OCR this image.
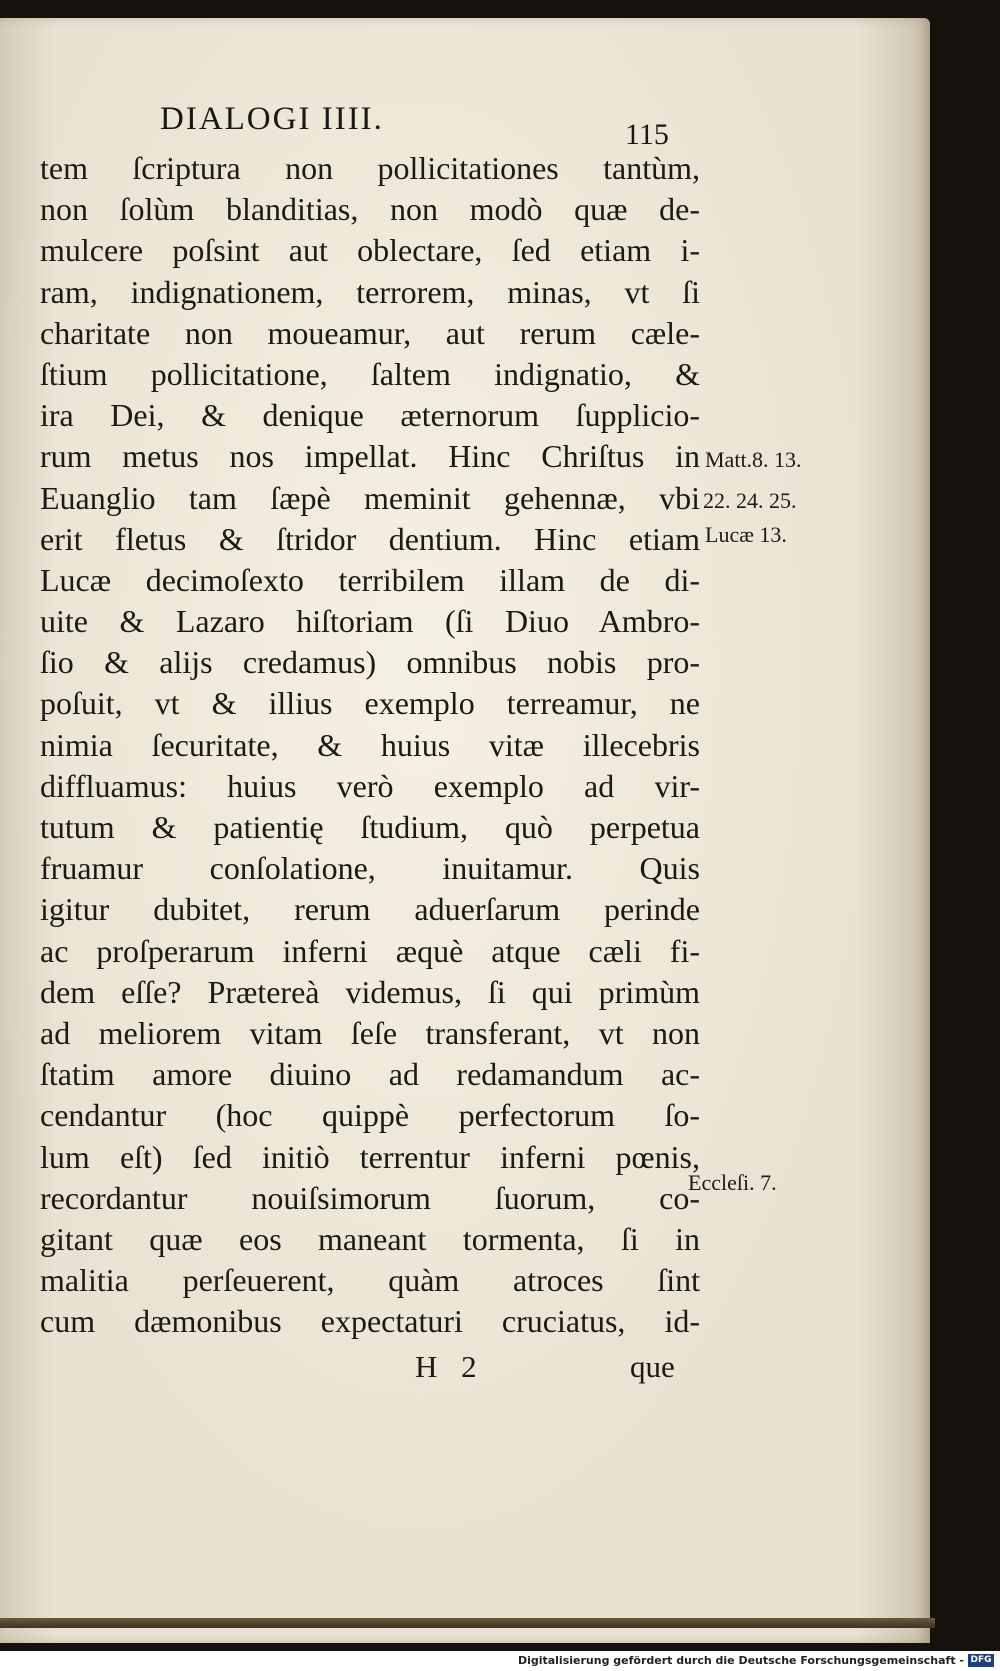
DIALOGI IIII.	115
tem ſcriptura non pollicitationes tantùm,
non ſolùm blanditias, non modò quæ de-
mulcere poſsint aut oblectare, ſed etiam i-
ram, indignationem, terrorem, minas, vt ſi
charitate non moueamur, aut rerum cæle-
ſtium pollicitatione, ſaltem indignatio, &
ira Dei, & denique æternorum ſupplicio-
rum metus nos impellat. Hinc Chriſtus in
Euanglio tam ſæpè meminit gehennæ, vbi
erit fletus & ſtridor dentium. Hinc etiam
Lucæ decimoſexto terribilem illam de di-
uite & Lazaro hiſtoriam (ſi Diuo Ambro-
ſio & alijs credamus) omnibus nobis pro-
poſuit, vt & illius exemplo terreamur, ne
nimia ſecuritate, & huius vitæ illecebris
diffluamus: huius verò exemplo ad vir-
tutum & patientię ſtudium, quò perpetua
fruamur conſolatione, inuitamur. Quis
igitur dubitet, rerum aduerſarum perinde
ac proſperarum inferni æquè atque cæli fi-
dem eſſe? Prætereà videmus, ſi qui primùm
ad meliorem vitam ſeſe transferant, vt non
ſtatim amore diuino ad redamandum ac-
cendantur (hoc quippè perfectorum ſo-
lum eſt) ſed initiò terrentur inferni pœnis,
recordantur nouiſsimorum ſuorum, co-
gitant quæ eos maneant tormenta, ſi in
malitia perſeuerent, quàm atroces ſint
cum dæmonibus expectaturi cruciatus, id-
Matt.8. 13.
22. 24. 25.
Lucæ 13.
Eccleſi. 7.
H 2	que
Digitalisierung gefördert durch die Deutsche Forschungsgemeinschaft - DFG
